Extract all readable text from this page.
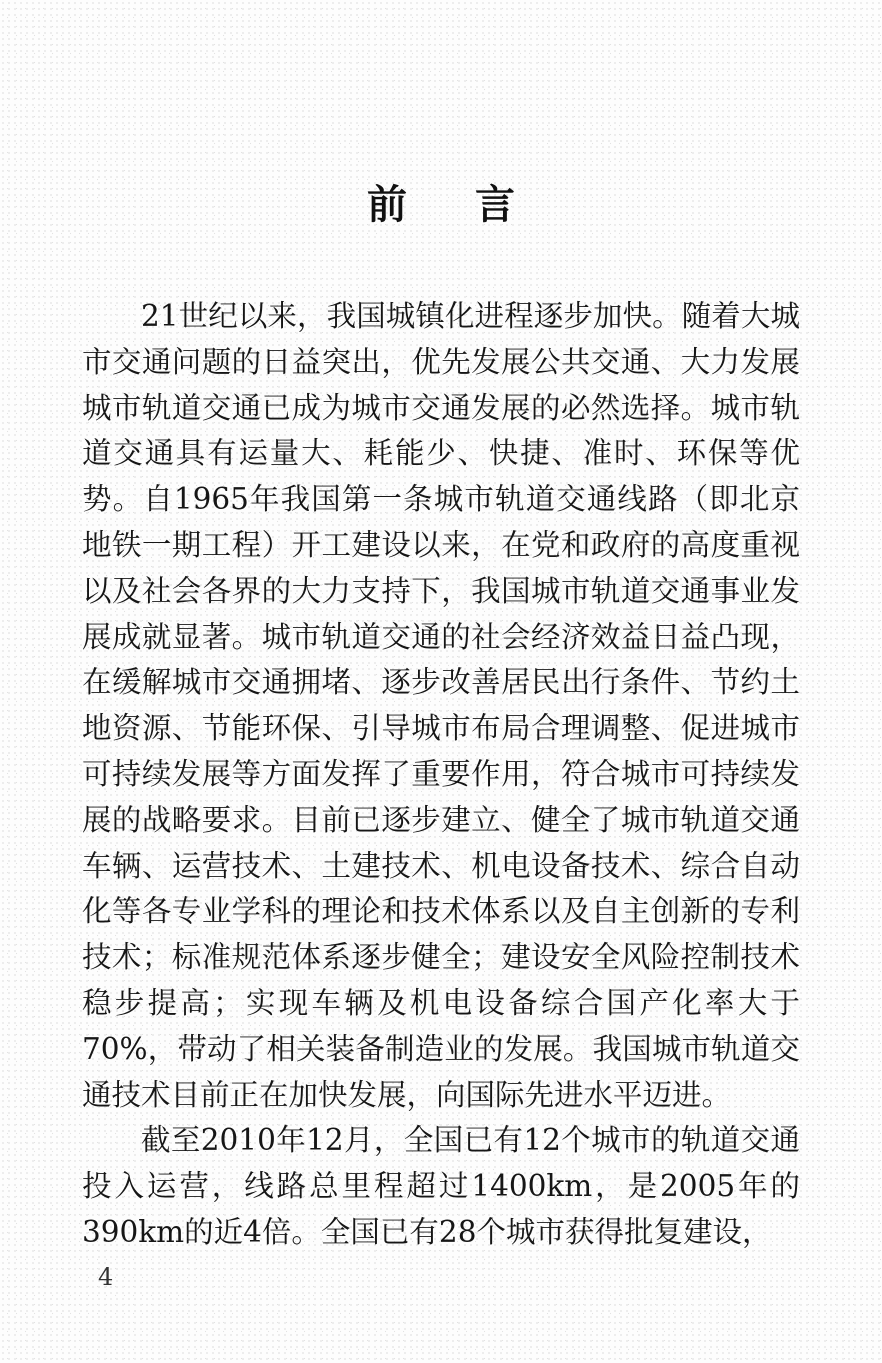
前言

21世纪以来，我国城镇化进程逐步加快。随着大城市交通问题的日益突出，优先发展公共交通、大力发展城市轨道交通已成为城市交通发展的必然选择。城市轨道交通具有运量大、耗能少、快捷、准时、环保等优势。自1965年我国第一条城市轨道交通线路（即北京地铁一期工程）开工建设以来，在党和政府的高度重视以及社会各界的大力支持下，我国城市轨道交通事业发展成就显著。城市轨道交通的社会经济效益日益凸现，在缓解城市交通拥堵、逐步改善居民出行条件、节约土地资源、节能环保、引导城市布局合理调整、促进城市可持续发展等方面发挥了重要作用，符合城市可持续发展的战略要求。目前已逐步建立、健全了城市轨道交通车辆、运营技术、土建技术、机电设备技术、综合自动化等各专业学科的理论和技术体系以及自主创新的专利技术；标准规范体系逐步健全；建设安全风险控制技术稳步提高；实现车辆及机电设备综合国产化率大于70%，带动了相关装备制造业的发展。我国城市轨道交通技术目前正在加快发展，向国际先进水平迈进。

截至2010年12月，全国已有12个城市的轨道交通投入运营，线路总里程超过1400km，是2005年的390km的近4倍。全国已有28个城市获得批复建设，

4
